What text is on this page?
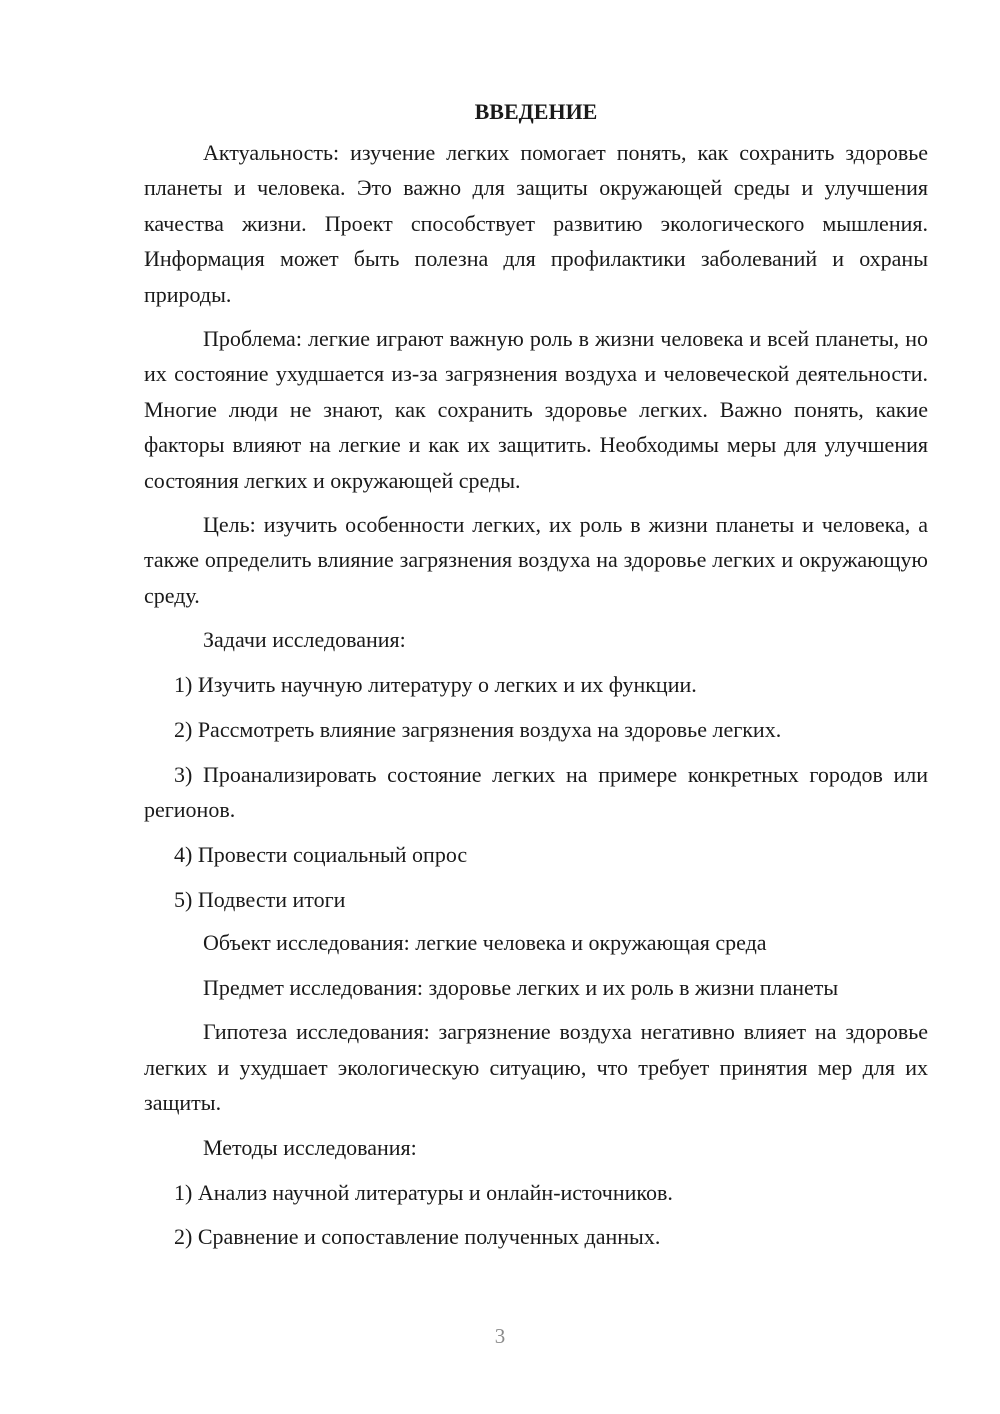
ВВЕДЕНИЕ

Актуальность: изучение легких помогает понять, как сохранить здоровье планеты и человека. Это важно для защиты окружающей среды и улучшения качества жизни. Проект способствует развитию экологического мышления. Информация может быть полезна для профилактики заболеваний и охраны природы.

Проблема: легкие играют важную роль в жизни человека и всей планеты, но их состояние ухудшается из-за загрязнения воздуха и человеческой деятельности. Многие люди не знают, как сохранить здоровье легких. Важно понять, какие факторы влияют на легкие и как их защитить. Необходимы меры для улучшения состояния легких и окружающей среды.

Цель: изучить особенности легких, их роль в жизни планеты и человека, а также определить влияние загрязнения воздуха на здоровье легких и окружающую среду.

Задачи исследования:

1) Изучить научную литературу о легких и их функции.

2) Рассмотреть влияние загрязнения воздуха на здоровье легких.

3) Проанализировать состояние легких на примере конкретных городов или регионов.

4) Провести социальный опрос

5) Подвести итоги

Объект исследования: легкие человека и окружающая среда

Предмет исследования: здоровье легких и их роль в жизни планеты

Гипотеза исследования: загрязнение воздуха негативно влияет на здоровье легких и ухудшает экологическую ситуацию, что требует принятия мер для их защиты.

Методы исследования:

1) Анализ научной литературы и онлайн-источников.

2) Сравнение и сопоставление полученных данных.

3
